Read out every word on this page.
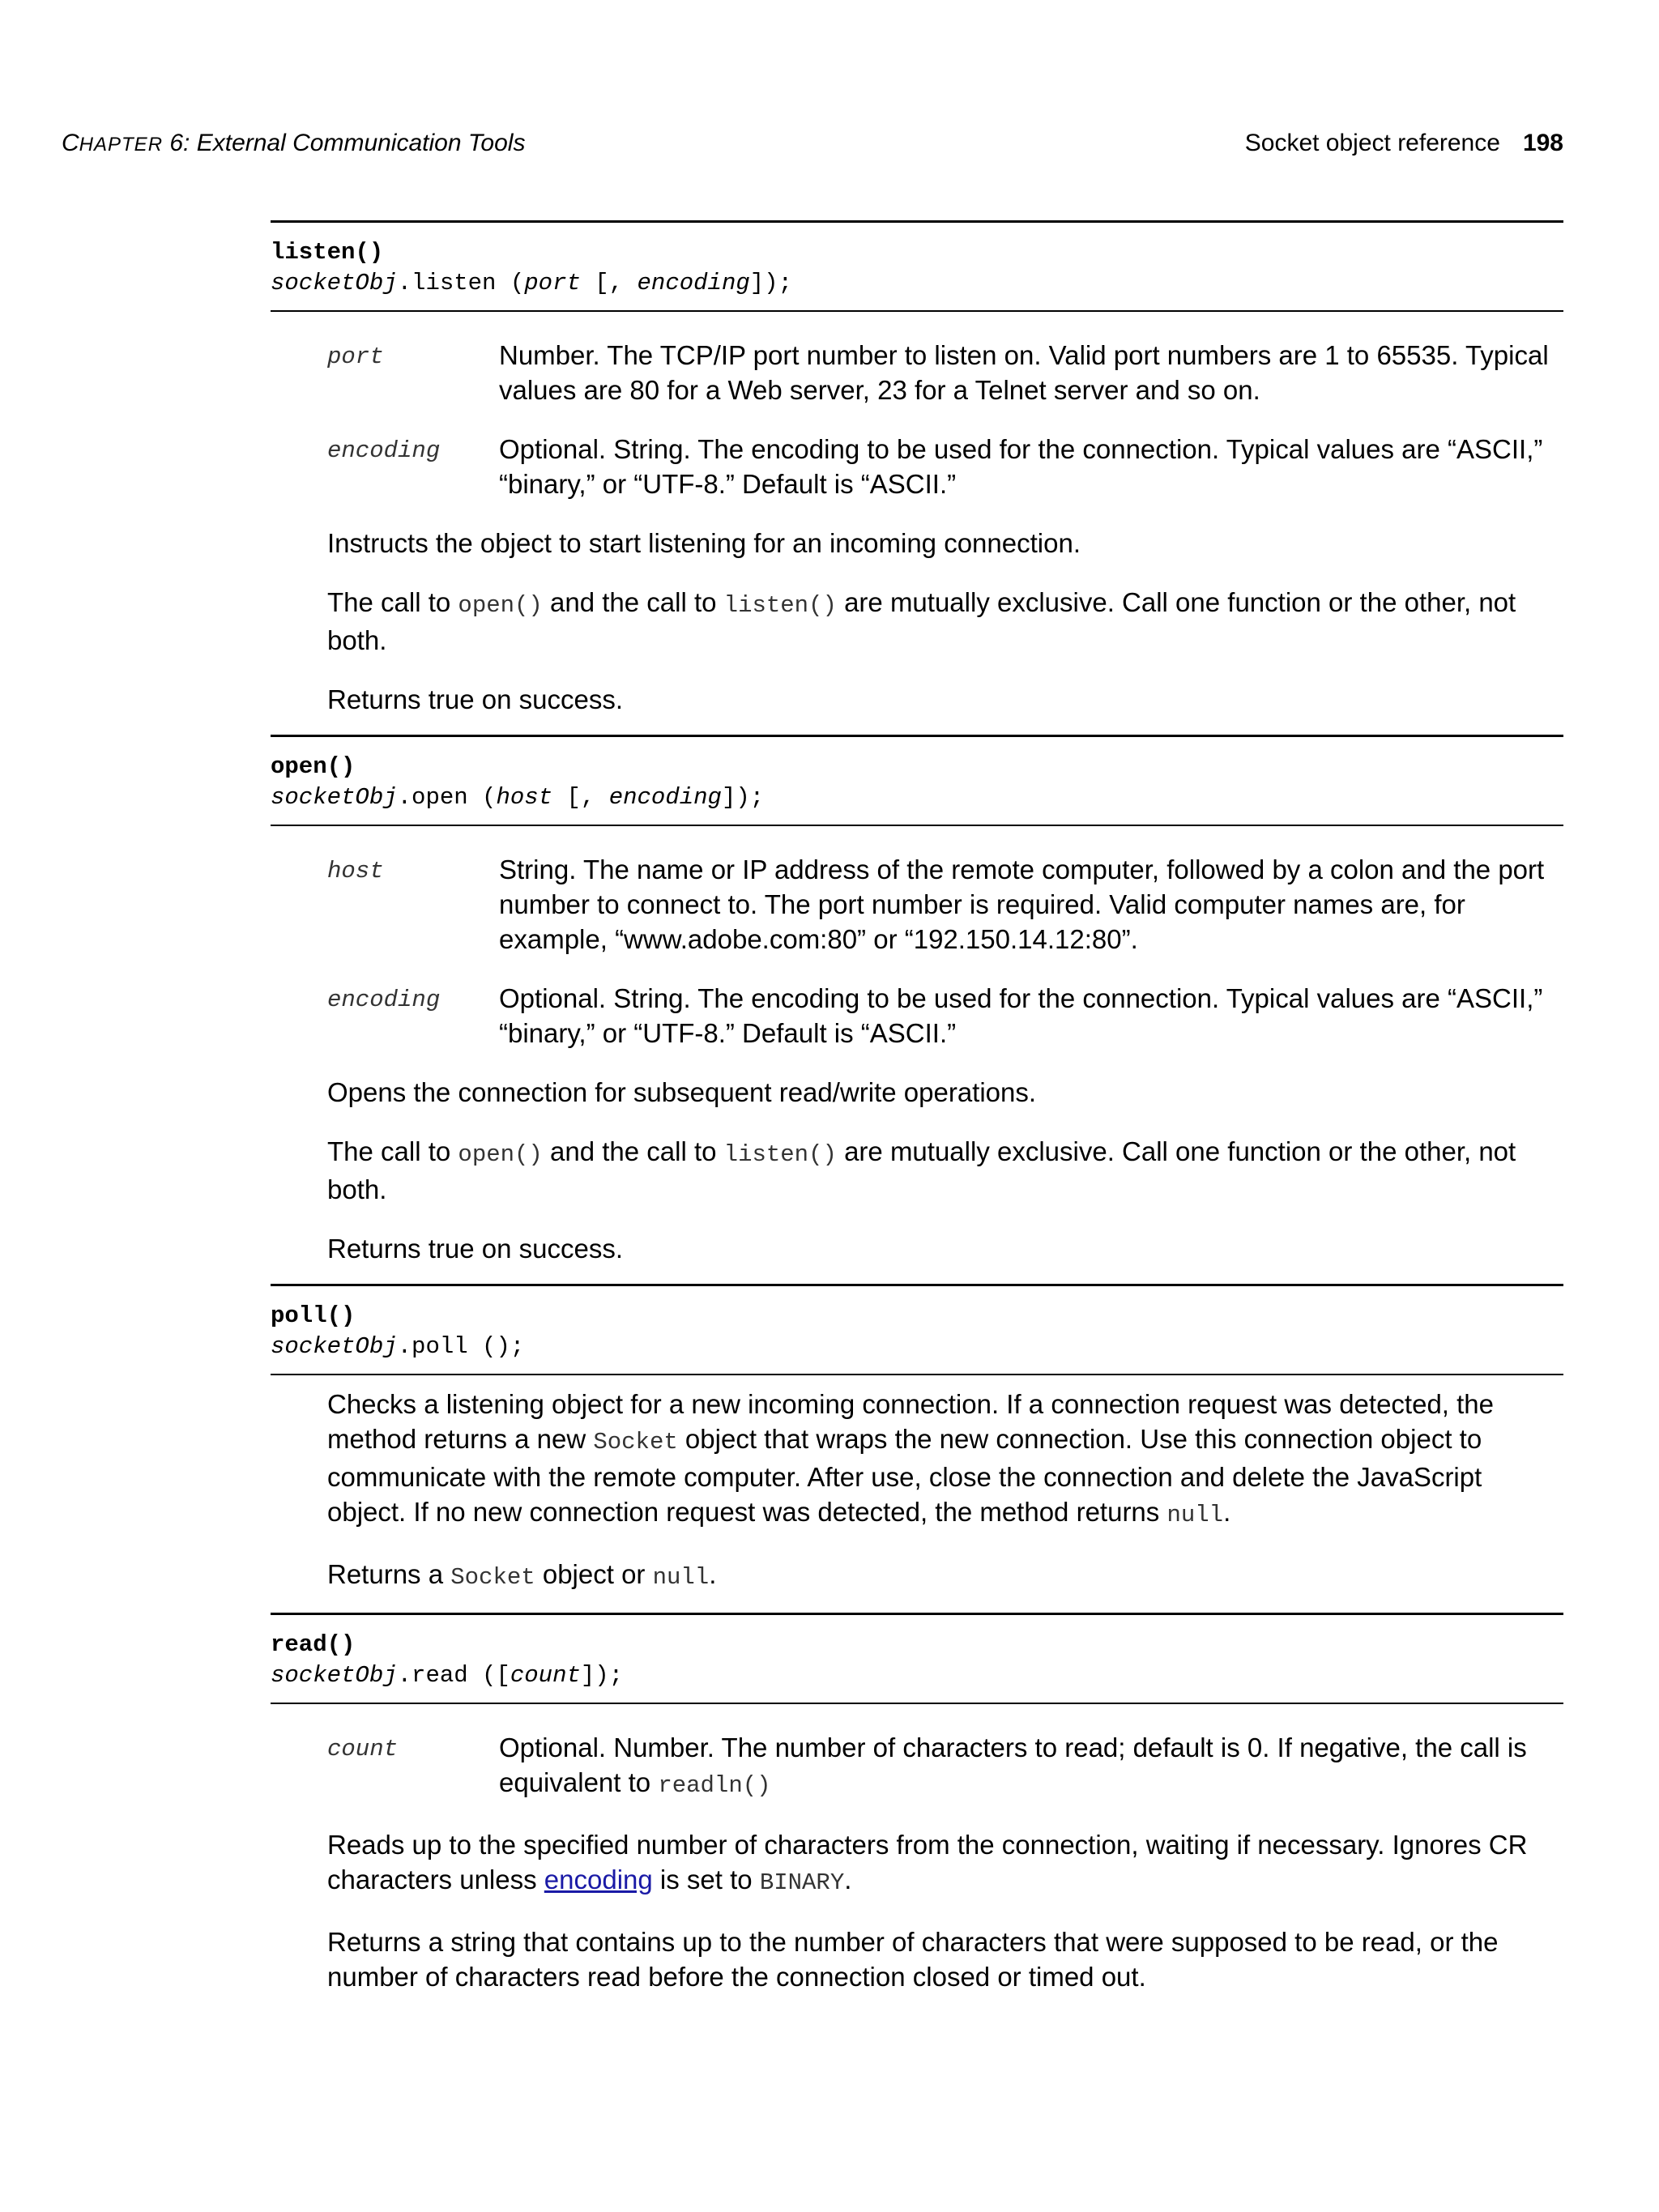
CHAPTER 6: External Communication Tools	Socket object reference 198
listen()
socketObj.listen (port [, encoding]);
port	Number. The TCP/IP port number to listen on. Valid port numbers are 1 to 65535. Typical values are 80 for a Web server, 23 for a Telnet server and so on.
encoding	Optional. String. The encoding to be used for the connection. Typical values are “ASCII,” “binary,” or “UTF-8.” Default is “ASCII.”
Instructs the object to start listening for an incoming connection.
The call to open() and the call to listen() are mutually exclusive. Call one function or the other, not both.
Returns true on success.
open()
socketObj.open (host [, encoding]);
host	String. The name or IP address of the remote computer, followed by a colon and the port number to connect to. The port number is required. Valid computer names are, for example, “www.adobe.com:80” or “192.150.14.12:80”.
encoding	Optional. String. The encoding to be used for the connection. Typical values are “ASCII,” “binary,” or “UTF-8.” Default is “ASCII.”
Opens the connection for subsequent read/write operations.
The call to open() and the call to listen() are mutually exclusive. Call one function or the other, not both.
Returns true on success.
poll()
socketObj.poll ();
Checks a listening object for a new incoming connection. If a connection request was detected, the method returns a new Socket object that wraps the new connection. Use this connection object to communicate with the remote computer. After use, close the connection and delete the JavaScript object. If no new connection request was detected, the method returns null.
Returns a Socket object or null.
read()
socketObj.read ([count]);
count	Optional. Number. The number of characters to read; default is 0. If negative, the call is equivalent to readln()
Reads up to the specified number of characters from the connection, waiting if necessary. Ignores CR characters unless encoding is set to BINARY.
Returns a string that contains up to the number of characters that were supposed to be read, or the number of characters read before the connection closed or timed out.
